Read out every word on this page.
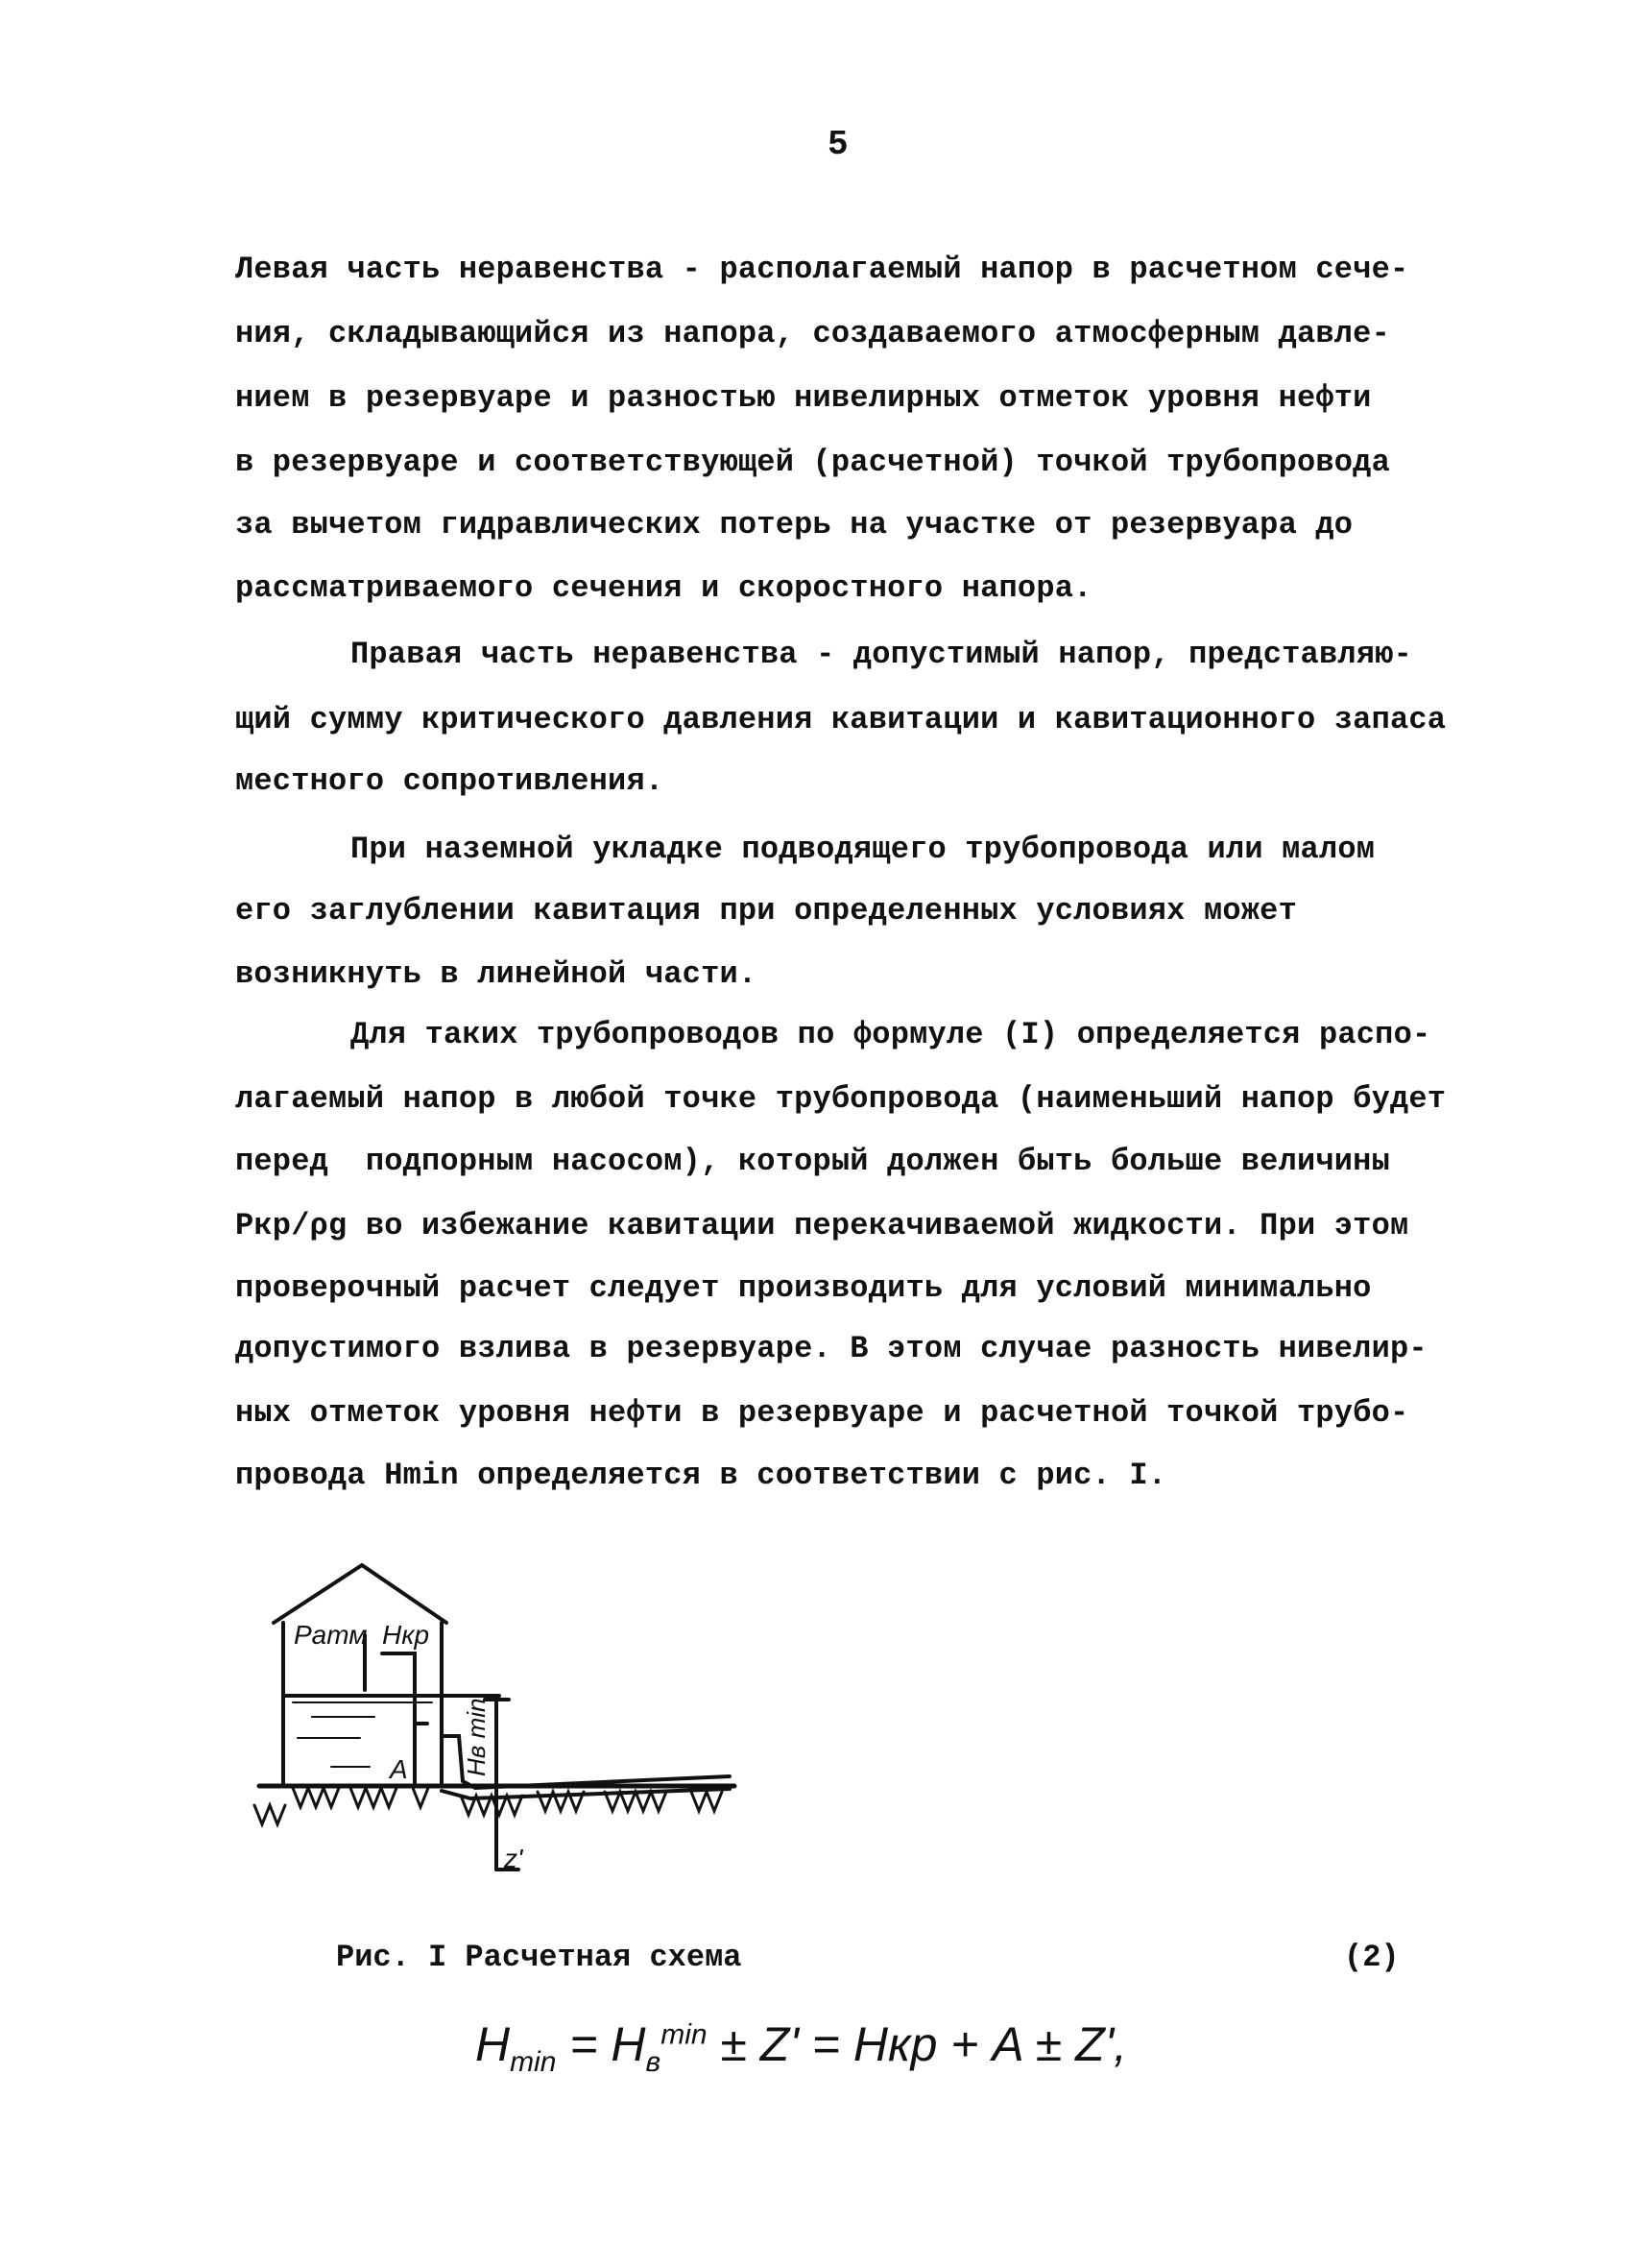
5
Левая часть неравенства - располагаемый напор в расчетном сече-
ния, складывающийся из напора, создаваемого атмосферным давле-
нием в резервуаре и разностью нивелирных отметок уровня нефти
в резервуаре и соответствующей (расчетной) точкой трубопровода
за вычетом гидравлических потерь на участке от резервуара до
рассматриваемого сечения и скоростного напора.
Правая часть неравенства - допустимый напор, представляю-
щий сумму критического давления кавитации и кавитационного запаса
местного сопротивления.
При наземной укладке подводящего трубопровода или малом
его заглублении кавитация при определенных условиях может
возникнуть в линейной части.
Для таких трубопроводов по формуле (I) определяется распо-
лагаемый напор в любой точке трубопровода (наименьший напор будет
перед  подпорным насосом), который должен быть больше величины
Pкр/ρg во избежание кавитации перекачиваемой жидкости. При этом
проверочный расчет следует производить для условий минимально
допустимого взлива в резервуаре. В этом случае разность нивелир-
ных отметок уровня нефти в резервуаре и расчетной точкой трубо-
провода Hmin определяется в соответствии с рис. I.
Pатм Hкр
A Hв min
z'
Рис. I Расчетная схема	(2)
$H_{min} = H_в^{min} \pm Z'$ = Hкр + A ± Z',
